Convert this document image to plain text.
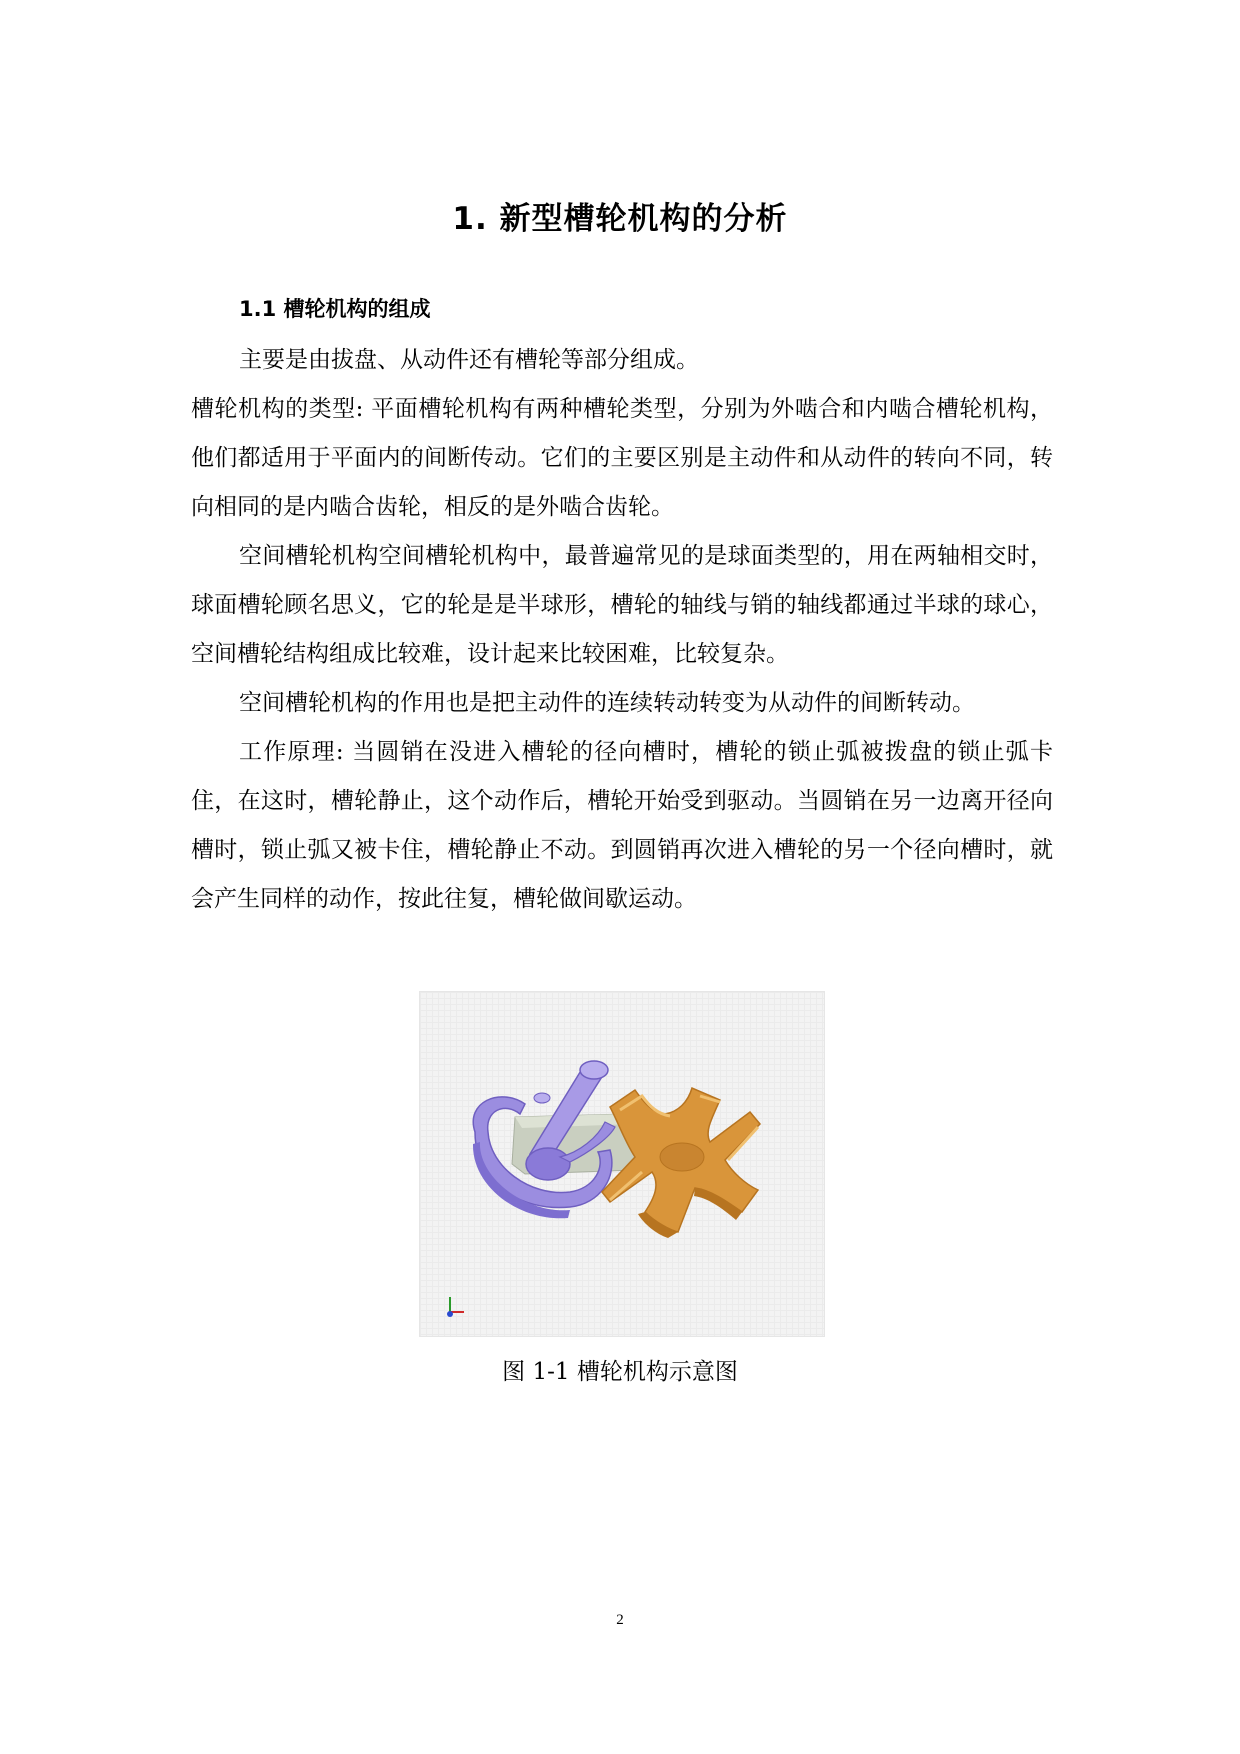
1. 新型槽轮机构的分析
1.1 槽轮机构的组成

主要是由拔盘、从动件还有槽轮等部分组成。

槽轮机构的类型: 平面槽轮机构有两种槽轮类型，分别为外啮合和内啮合槽轮机构，他们都适用于平面内的间断传动。它们的主要区别是主动件和从动件的转向不同，转向相同的是内啮合齿轮，相反的是外啮合齿轮。

空间槽轮机构空间槽轮机构中，最普遍常见的是球面类型的，用在两轴相交时，球面槽轮顾名思义，它的轮是是半球形，槽轮的轴线与销的轴线都通过半球的球心，空间槽轮结构组成比较难，设计起来比较困难，比较复杂。

空间槽轮机构的作用也是把主动件的连续转动转变为从动件的间断转动。

工作原理: 当圆销在没进入槽轮的径向槽时，槽轮的锁止弧被拨盘的锁止弧卡住，在这时，槽轮静止，这个动作后，槽轮开始受到驱动。当圆销在另一边离开径向槽时，锁止弧又被卡住，槽轮静止不动。到圆销再次进入槽轮的另一个径向槽时，就会产生同样的动作，按此往复，槽轮做间歇运动。

图 1-1 槽轮机构示意图
2
